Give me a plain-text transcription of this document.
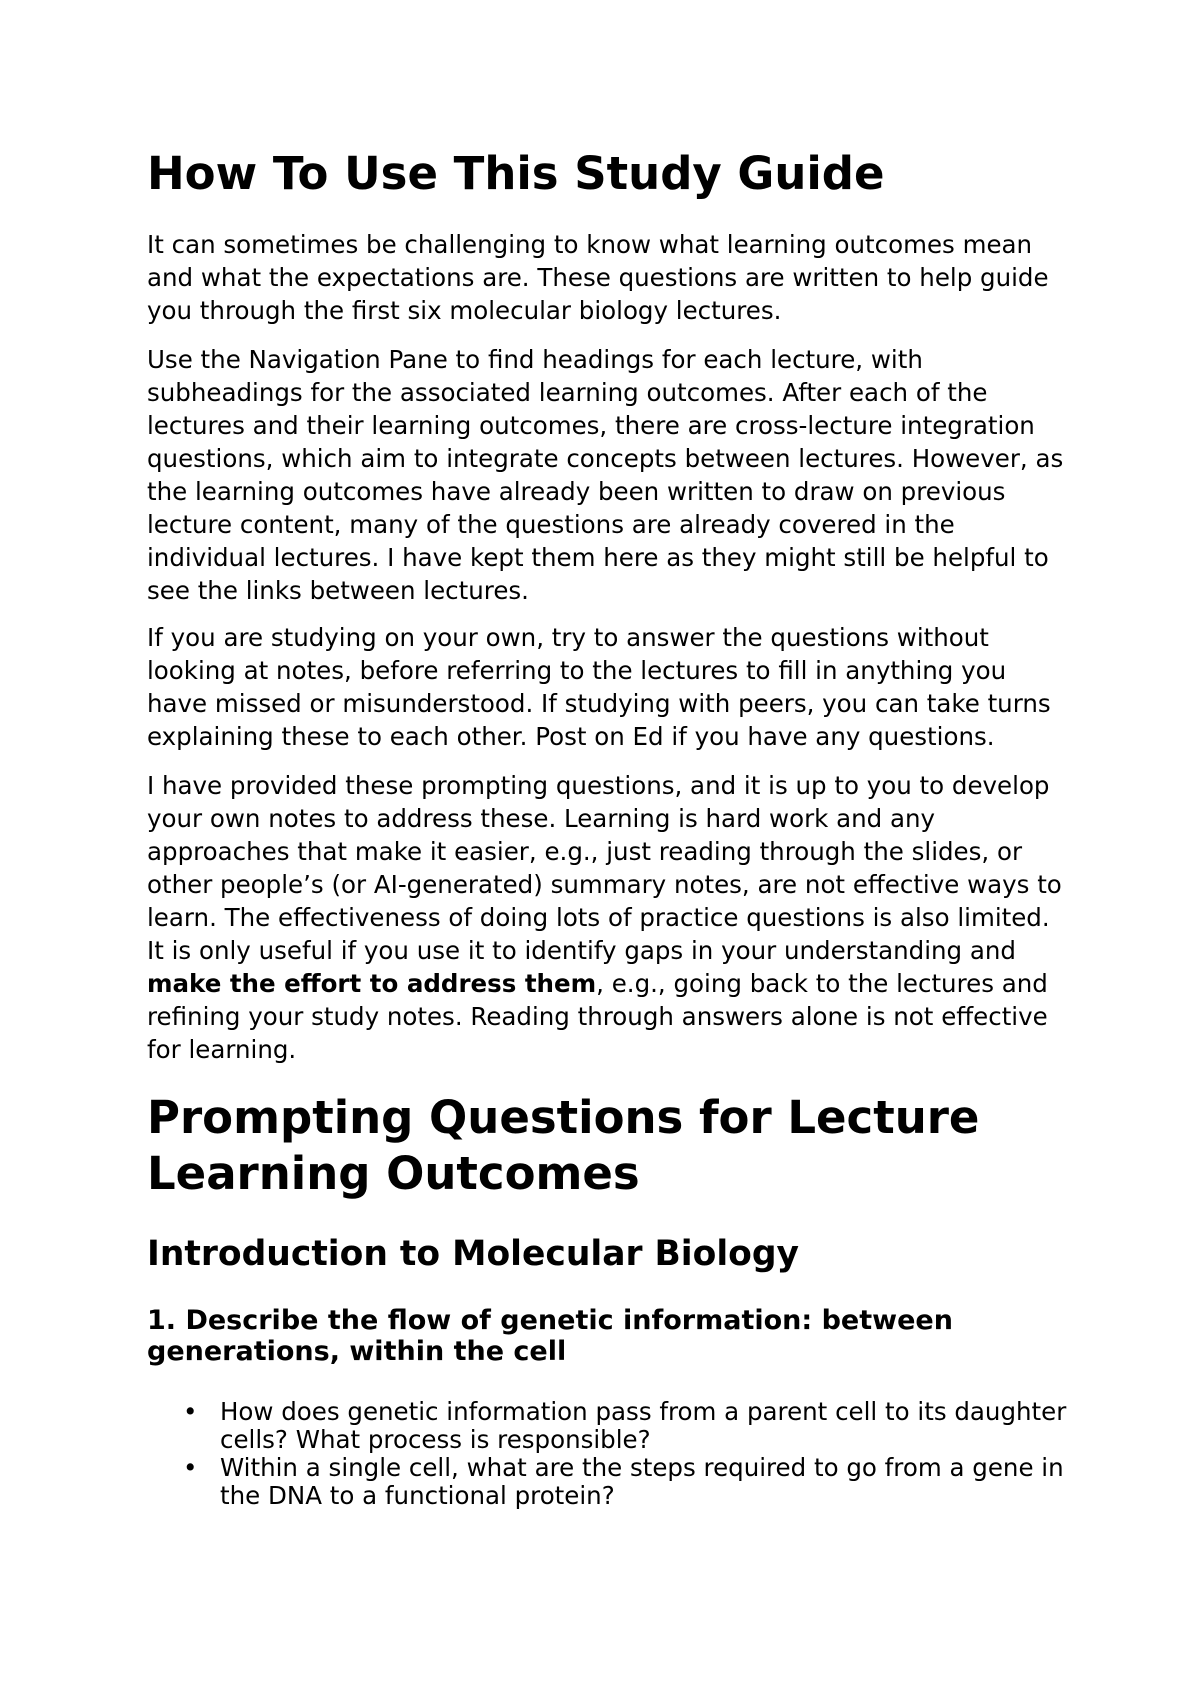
How To Use This Study Guide
It can sometimes be challenging to know what learning outcomes mean
and what the expectations are. These questions are written to help guide
you through the first six molecular biology lectures.
Use the Navigation Pane to find headings for each lecture, with
subheadings for the associated learning outcomes. After each of the
lectures and their learning outcomes, there are cross-lecture integration
questions, which aim to integrate concepts between lectures. However, as
the learning outcomes have already been written to draw on previous
lecture content, many of the questions are already covered in the
individual lectures. I have kept them here as they might still be helpful to
see the links between lectures.
If you are studying on your own, try to answer the questions without
looking at notes, before referring to the lectures to fill in anything you
have missed or misunderstood. If studying with peers, you can take turns
explaining these to each other. Post on Ed if you have any questions.
I have provided these prompting questions, and it is up to you to develop
your own notes to address these. Learning is hard work and any
approaches that make it easier, e.g., just reading through the slides, or
other people’s (or AI-generated) summary notes, are not effective ways to
learn. The effectiveness of doing lots of practice questions is also limited.
It is only useful if you use it to identify gaps in your understanding and
make the effort to address them, e.g., going back to the lectures and
refining your study notes. Reading through answers alone is not effective
for learning.
Prompting Questions for Lecture
Learning Outcomes
Introduction to Molecular Biology
1. Describe the flow of genetic information: between
generations, within the cell
• How does genetic information pass from a parent cell to its daughter
cells? What process is responsible?
• Within a single cell, what are the steps required to go from a gene in
the DNA to a functional protein?
